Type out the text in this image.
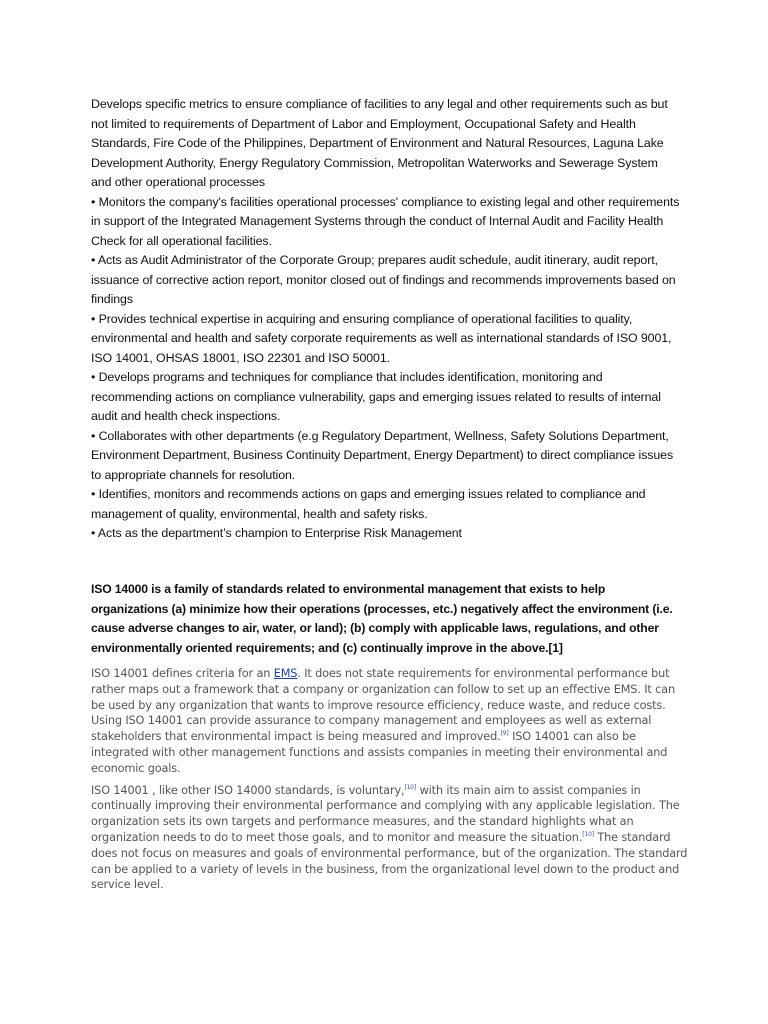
Develops specific metrics to ensure compliance of facilities to any legal and other requirements such as but not limited to requirements of Department of Labor and Employment, Occupational Safety and Health Standards, Fire Code of the Philippines, Department of Environment and Natural Resources, Laguna Lake Development Authority, Energy Regulatory Commission, Metropolitan Waterworks and Sewerage System and other operational processes

• Monitors the company's facilities operational processes' compliance to existing legal and other requirements in support of the Integrated Management Systems through the conduct of Internal Audit and Facility Health Check for all operational facilities.

• Acts as Audit Administrator of the Corporate Group; prepares audit schedule, audit itinerary, audit report, issuance of corrective action report, monitor closed out of findings and recommends improvements based on findings

• Provides technical expertise in acquiring and ensuring compliance of operational facilities to quality, environmental and health and safety corporate requirements as well as international standards of ISO 9001, ISO 14001, OHSAS 18001, ISO 22301 and ISO 50001.

• Develops programs and techniques for compliance that includes identification, monitoring and recommending actions on compliance vulnerability, gaps and emerging issues related to results of internal audit and health check inspections.

• Collaborates with other departments (e.g Regulatory Department, Wellness, Safety Solutions Department, Environment Department, Business Continuity Department, Energy Department) to direct compliance issues to appropriate channels for resolution.

• Identifies, monitors and recommends actions on gaps and emerging issues related to compliance and management of quality, environmental, health and safety risks.

• Acts as the department’s champion to Enterprise Risk Management

ISO 14000 is a family of standards related to environmental management that exists to help organizations (a) minimize how their operations (processes, etc.) negatively affect the environment (i.e. cause adverse changes to air, water, or land); (b) comply with applicable laws, regulations, and other environmentally oriented requirements; and (c) continually improve in the above.[1]

ISO 14001 defines criteria for an EMS. It does not state requirements for environmental performance but rather maps out a framework that a company or organization can follow to set up an effective EMS. It can be used by any organization that wants to improve resource efficiency, reduce waste, and reduce costs. Using ISO 14001 can provide assurance to company management and employees as well as external stakeholders that environmental impact is being measured and improved.[9] ISO 14001 can also be integrated with other management functions and assists companies in meeting their environmental and economic goals.

ISO 14001 , like other ISO 14000 standards, is voluntary,[10] with its main aim to assist companies in continually improving their environmental performance and complying with any applicable legislation. The organization sets its own targets and performance measures, and the standard highlights what an organization needs to do to meet those goals, and to monitor and measure the situation.[10] The standard does not focus on measures and goals of environmental performance, but of the organization. The standard can be applied to a variety of levels in the business, from the organizational level down to the product and service level.
